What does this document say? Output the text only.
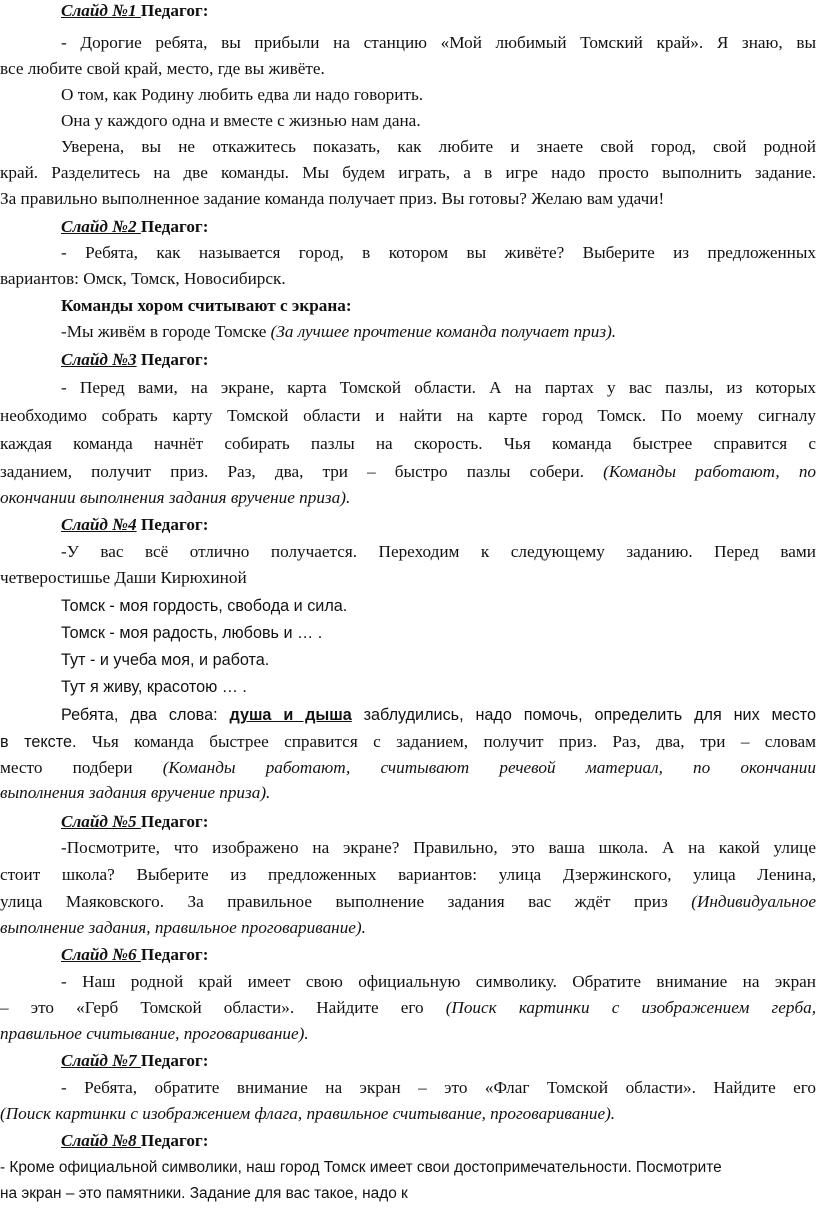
Слайд №1 Педагог:
- Дорогие ребята, вы прибыли на станцию «Мой любимый Томский край». Я знаю, вы
все любите свой край, место, где вы живёте.
О том, как Родину любить едва ли надо говорить.
Она у каждого одна и вместе с жизнью нам дана.
Уверена, вы не откажитесь показать, как любите и знаете свой город, свой родной
край. Разделитесь на две команды. Мы будем играть, а в игре надо просто выполнить задание.
За правильно выполненное задание команда получает приз. Вы готовы? Желаю вам удачи!
Слайд №2 Педагог:
- Ребята, как называется город, в котором вы живёте? Выберите из предложенных
вариантов: Омск, Томск, Новосибирск.
Команды хором считывают с экрана:
-Мы живём в городе Томске (За лучшее прочтение команда получает приз).
Слайд №3 Педагог:
- Перед вами, на экране, карта Томской области. А на партах у вас пазлы, из которых
необходимо собрать карту Томской области и найти на карте город Томск. По моему сигналу
каждая команда начнёт собирать пазлы на скорость. Чья команда быстрее справится с
заданием, получит приз. Раз, два, три – быстро пазлы собери. (Команды работают, по
окончании выполнения задания вручение приза).
Слайд №4 Педагог:
-У вас всё отлично получается. Переходим к следующему заданию. Перед вами
четверостишье Даши Кирюхиной
Томск - моя гордость, свобода и сила.
Томск - моя радость, любовь и … .
Тут - и учеба моя, и работа.
Тут я живу, красотою … .
Ребята, два слова: душа и дыша заблудились, надо помочь, определить для них место
в тексте. Чья команда быстрее справится с заданием, получит приз. Раз, два, три – словам
место подбери (Команды работают, считывают речевой материал, по окончании
выполнения задания вручение приза).
Слайд №5 Педагог:
-Посмотрите, что изображено на экране? Правильно, это ваша школа. А на какой улице
стоит школа? Выберите из предложенных вариантов: улица Дзержинского, улица Ленина,
улица Маяковского. За правильное выполнение задания вас ждёт приз (Индивидуальное
выполнение задания, правильное проговаривание).
Слайд №6 Педагог:
- Наш родной край имеет свою официальную символику. Обратите внимание на экран
– это «Герб Томской области». Найдите его (Поиск картинки с изображением герба,
правильное считывание, проговаривание).
Слайд №7 Педагог:
- Ребята, обратите внимание на экран – это «Флаг Томской области». Найдите его
(Поиск картинки с изображением флага, правильное считывание, проговаривание).
Слайд №8 Педагог:
- Кроме официальной символики, наш город Томск имеет свои достопримечательности. Посмотрите
на экран – это памятники. Задание для вас такое, надо к
